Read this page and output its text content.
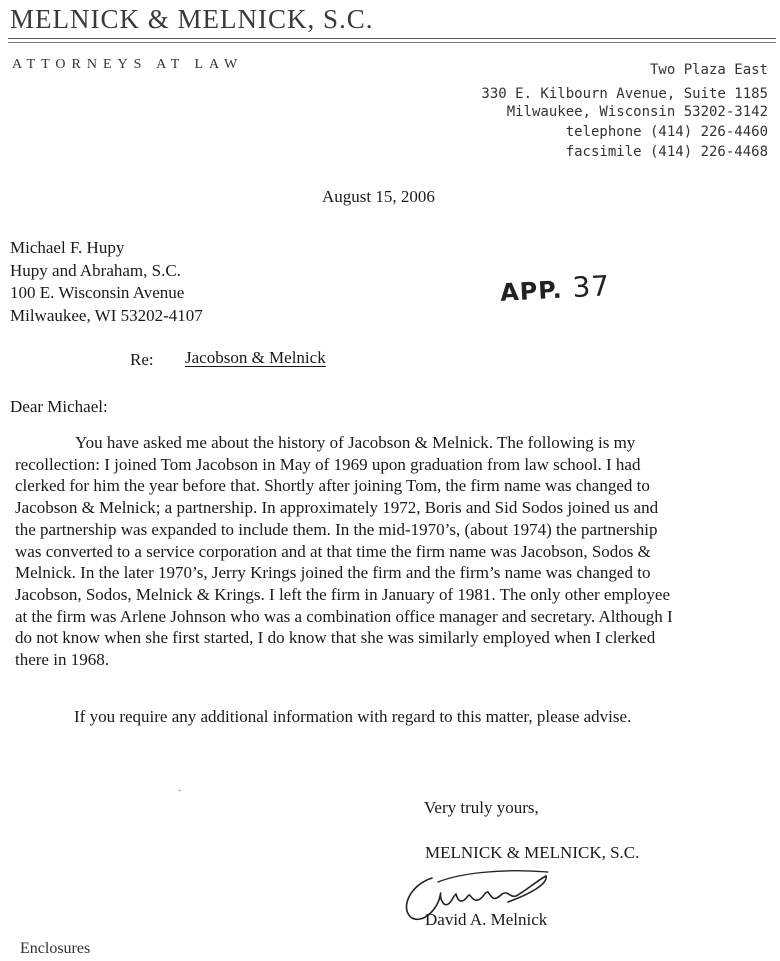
MELNICK & MELNICK, S.C.
ATTORNEYS AT LAW	Two Plaza East
330 E. Kilbourn Avenue, Suite 1185
Milwaukee, Wisconsin 53202-3142
telephone (414) 226-4460
facsimile (414) 226-4468
August 15, 2006
Michael F. Hupy
Hupy and Abraham, S.C.
100 E. Wisconsin Avenue
Milwaukee, WI 53202-4107
APP. 37
Re: Jacobson & Melnick
Dear Michael:
You have asked me about the history of Jacobson & Melnick. The following is my
recollection: I joined Tom Jacobson in May of 1969 upon graduation from law school. I had
clerked for him the year before that. Shortly after joining Tom, the firm name was changed to
Jacobson & Melnick; a partnership. In approximately 1972, Boris and Sid Sodos joined us and
the partnership was expanded to include them. In the mid-1970’s, (about 1974) the partnership
was converted to a service corporation and at that time the firm name was Jacobson, Sodos &
Melnick. In the later 1970’s, Jerry Krings joined the firm and the firm’s name was changed to
Jacobson, Sodos, Melnick & Krings. I left the firm in January of 1981. The only other employee
at the firm was Arlene Johnson who was a combination office manager and secretary. Although I
do not know when she first started, I do know that she was similarly employed when I clerked
there in 1968.
If you require any additional information with regard to this matter, please advise.
·
Very truly yours,
MELNICK & MELNICK, S.C.
David A. Melnick
Enclosures
